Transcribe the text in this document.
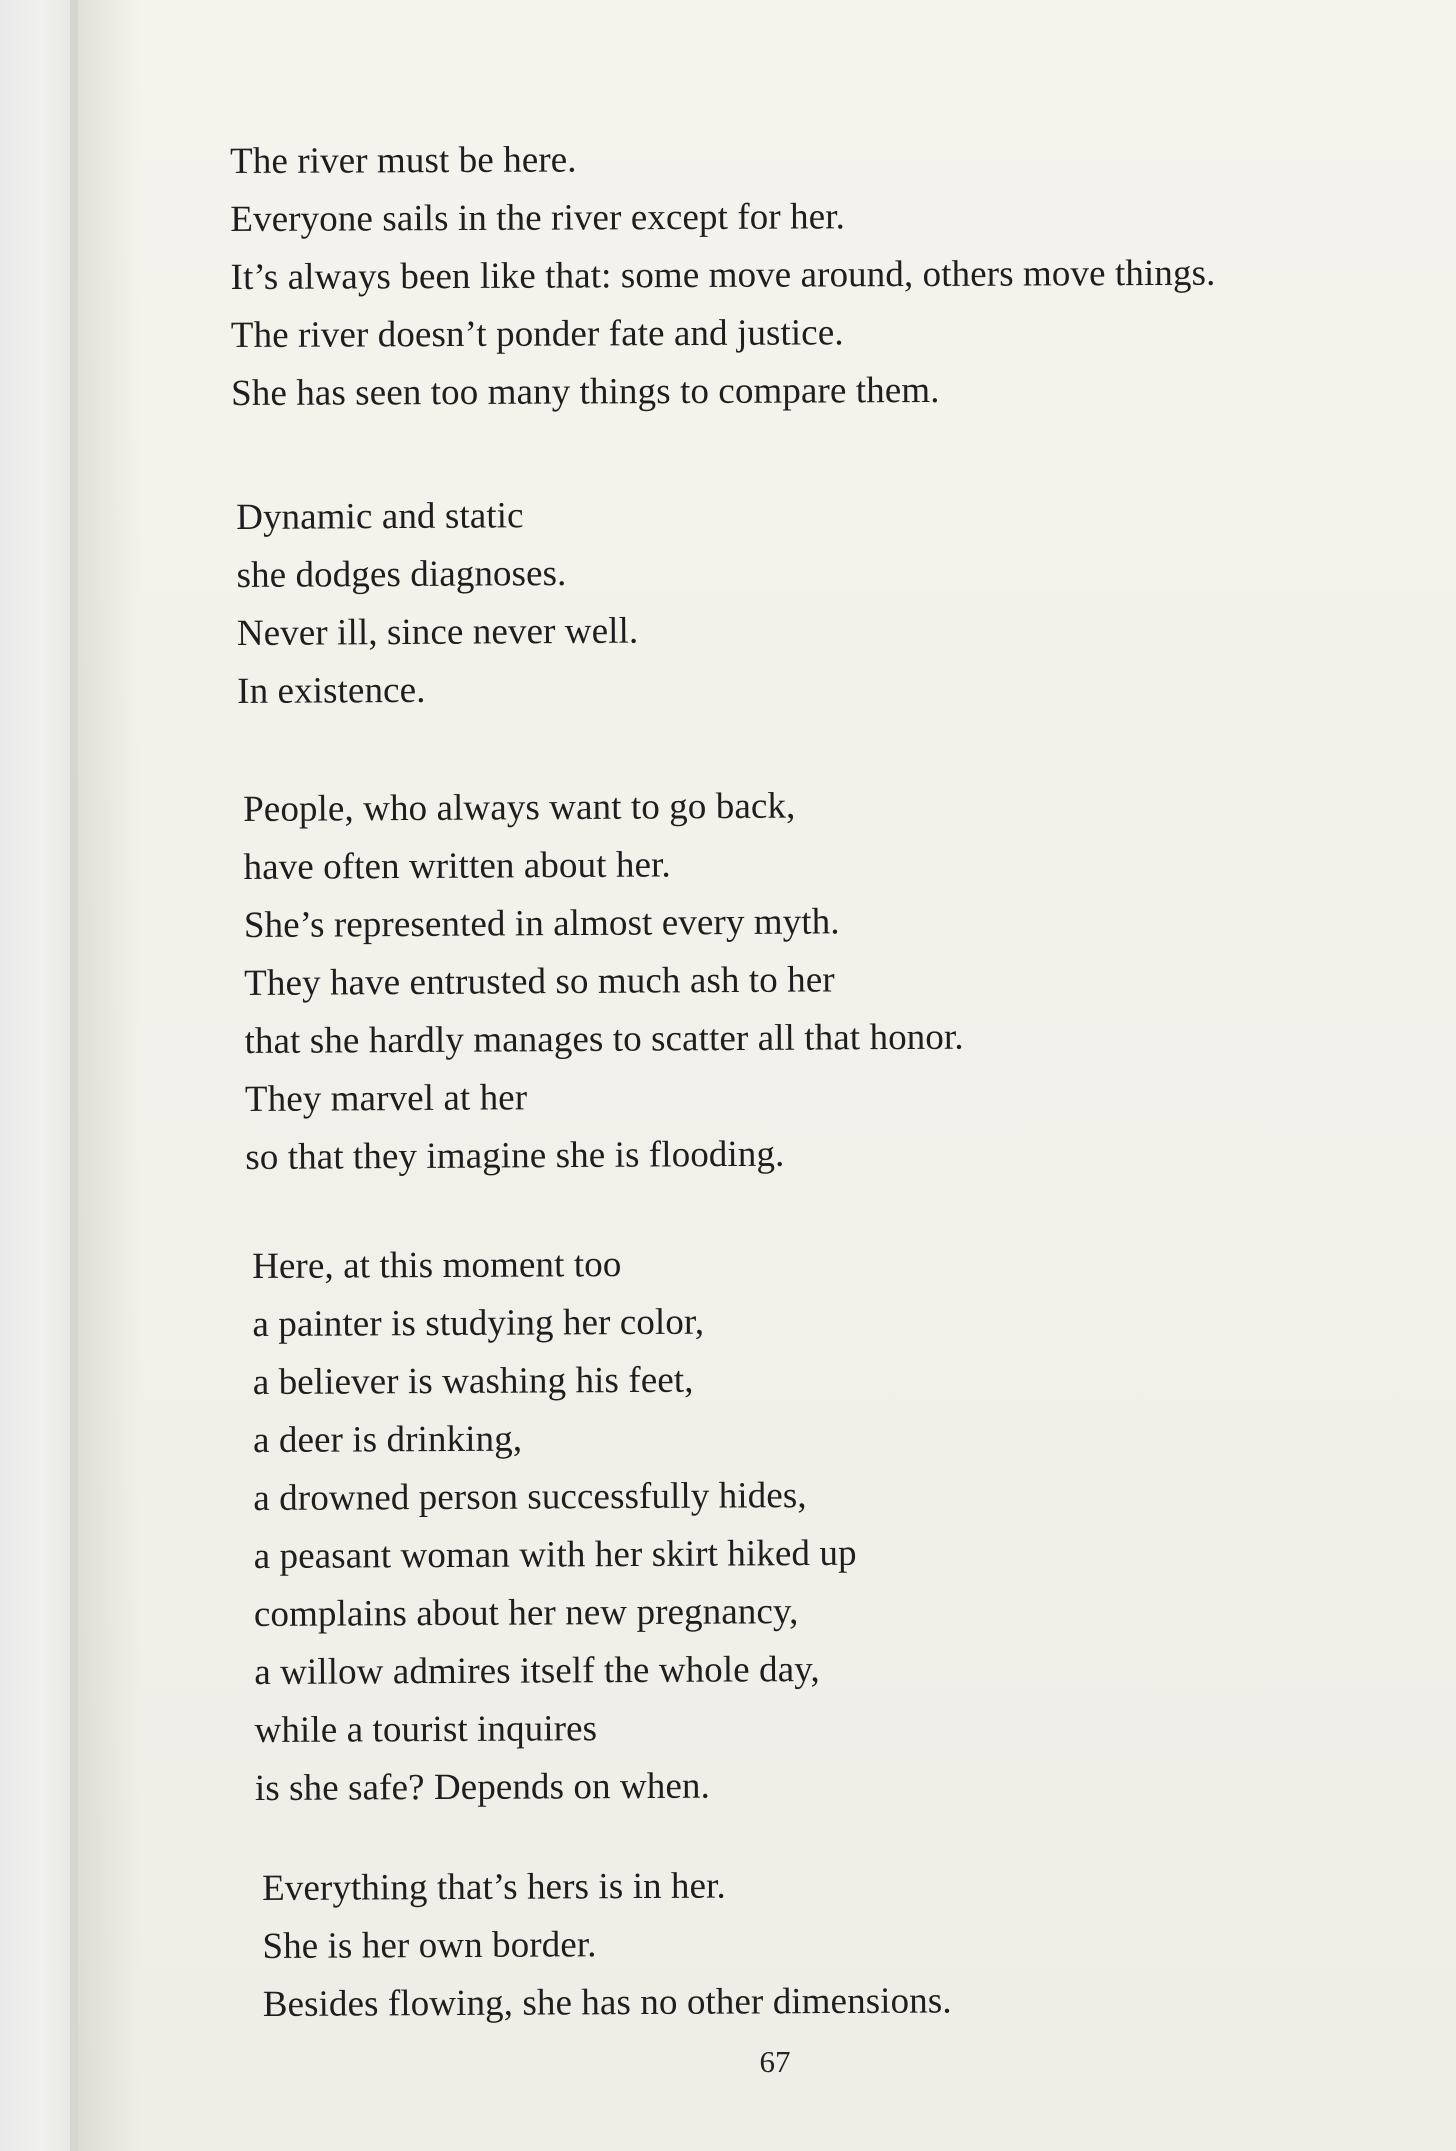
The river must be here.
Everyone sails in the river except for her.
It’s always been like that: some move around, others move things.
The river doesn’t ponder fate and justice.
She has seen too many things to compare them.

Dynamic and static
she dodges diagnoses.
Never ill, since never well.
In existence.

People, who always want to go back,
have often written about her.
She’s represented in almost every myth.
They have entrusted so much ash to her
that she hardly manages to scatter all that honor.
They marvel at her
so that they imagine she is flooding.

Here, at this moment too
a painter is studying her color,
a believer is washing his feet,
a deer is drinking,
a drowned person successfully hides,
a peasant woman with her skirt hiked up
complains about her new pregnancy,
a willow admires itself the whole day,
while a tourist inquires
is she safe? Depends on when.

Everything that’s hers is in her.
She is her own border.
Besides flowing, she has no other dimensions.

67
